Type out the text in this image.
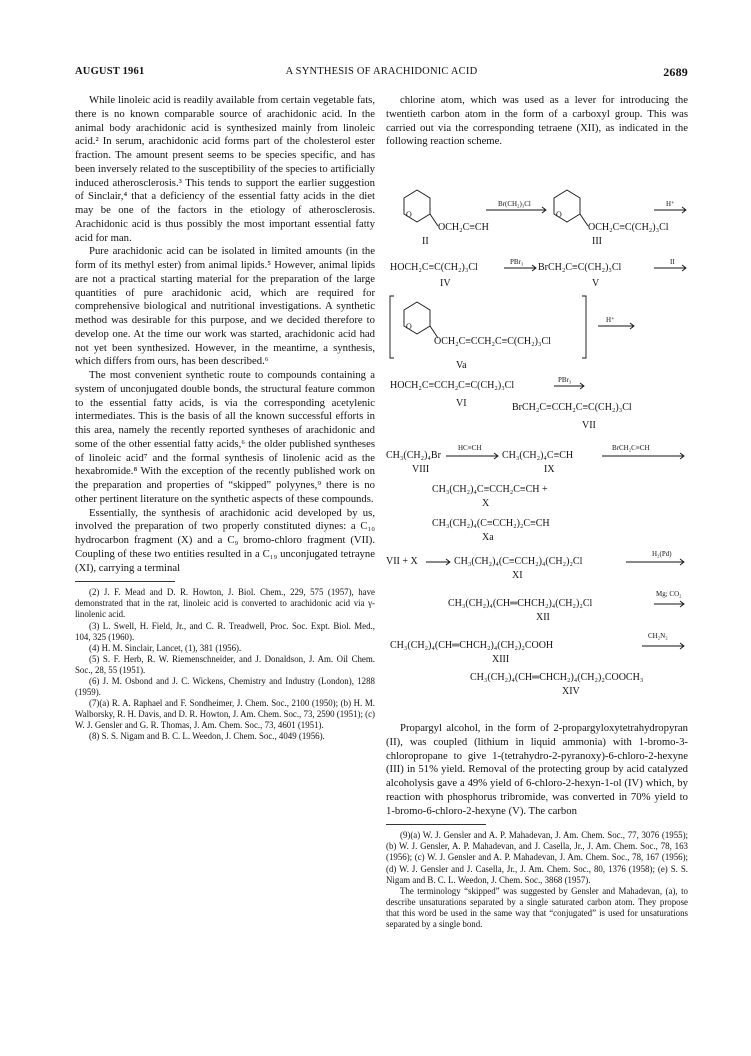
AUGUST 1961	A SYNTHESIS OF ARACHIDONIC ACID	2689

While linoleic acid is readily available from certain vegetable fats, there is no known comparable source of arachidonic acid. In the animal body arachidonic acid is synthesized mainly from linoleic acid.² In serum, arachidonic acid forms part of the cholesterol ester fraction. The amount present seems to be species specific, and has been inversely related to the susceptibility of the species to artificially induced atherosclerosis.³ This tends to support the earlier suggestion of Sinclair,⁴ that a deficiency of the essential fatty acids in the diet may be one of the factors in the etiology of atherosclerosis. Arachidonic acid is thus possibly the most important essential fatty acid for man.

Pure arachidonic acid can be isolated in limited amounts (in the form of its methyl ester) from animal lipids.⁵ However, animal lipids are not a practical starting material for the preparation of the large quantities of pure arachidonic acid, which are required for comprehensive biological and nutritional investigations. A synthetic method was desirable for this purpose, and we decided therefore to develop one. At the time our work was started, arachidonic acid had not yet been synthesized. However, in the meantime, a synthesis, which differs from ours, has been described.⁶

The most convenient synthetic route to compounds containing a system of unconjugated double bonds, the structural feature common to the essential fatty acids, is via the corresponding acetylenic intermediates. This is the basis of all the known successful efforts in this area, namely the recently reported syntheses of arachidonic and some of the other essential fatty acids,⁶ the older published syntheses of linoleic acid⁷ and the formal synthesis of linolenic acid as the hexabromide.⁸ With the exception of the recently published work on the preparation and properties of “skipped” polyynes,⁹ there is no other pertinent literature on the synthetic aspects of these compounds.

Essentially, the synthesis of arachidonic acid developed by us, involved the preparation of two properly constituted diynes: a C₁₀ hydrocarbon fragment (X) and a C₉ bromo-chloro fragment (VII). Coupling of these two entities resulted in a C₁₉ unconjugated tetrayne (XI), carrying a terminal

(2) J. F. Mead and D. R. Howton, J. Biol. Chem., 229, 575 (1957), have demonstrated that in the rat, linoleic acid is converted to arachidonic acid via γ-linolenic acid.

(3) L. Swell, H. Field, Jr., and C. R. Treadwell, Proc. Soc. Expt. Biol. Med., 104, 325 (1960).

(4) H. M. Sinclair, Lancet, (1), 381 (1956).

(5) S. F. Herb, R. W. Riemenschneider, and J. Donaldson, J. Am. Oil Chem. Soc., 28, 55 (1951).

(6) J. M. Osbond and J. C. Wickens, Chemistry and Industry (London), 1288 (1959).

(7)(a) R. A. Raphael and F. Sondheimer, J. Chem. Soc., 2100 (1950); (b) H. M. Walborsky, R. H. Davis, and D. R. Howton, J. Am. Chem. Soc., 73, 2590 (1951); (c) W. J. Gensler and G. R. Thomas, J. Am. Chem. Soc., 73, 4601 (1951).

(8) S. S. Nigam and B. C. L. Weedon, J. Chem. Soc., 4049 (1956).

chlorine atom, which was used as a lever for introducing the twentieth carbon atom in the form of a carboxyl group. This was carried out via the corresponding tetraene (XII), as indicated in the following reaction scheme.

O
Br(CH₂)₃Cl
OCH₂C≡CH
II
O
H⁺
OCH₂C≡C(CH₂)₃Cl
III
HOCH₂C≡C(CH₂)₃Cl	PBr₃ BrCH₂C≡C(CH₂)₃Cl	II
IV	V
O
OCH₂C≡CCH₂C≡C(CH₂)₃Cl
H⁺
Va
HOCH₂C≡CCH₂C≡C(CH₂)₃Cl	PBr₃
VI	BrCH₂C≡CCH₂C≡C(CH₂)₃Cl
VII
CH₃(CH₂)₄Br
HC≡CH
CH₃(CH₂)₄C≡CH
BrCH₂C≡CH
VIII	IX
CH₃(CH₂)₄C≡CCH₂C≡CH +
X
CH₃(CH₂)₄(C≡CCH₂)₂C≡CH
Xa
VII + X	CH₃(CH₂)₄(C≡CCH₂)₄(CH₂)₂Cl
H₂(Pd)
XI
CH₃(CH₂)₄(CH═CHCH₂)₄(CH₂)₂Cl
Mg; CO₂
XII
CH₃(CH₂)₄(CH═CHCH₂)₄(CH₂)₂COOH
CH₂N₂
XIII
CH₃(CH₂)₄(CH═CHCH₂)₄(CH₂)₂COOCH₃
XIV

Propargyl alcohol, in the form of 2-propargyloxytetrahydropyran (II), was coupled (lithium in liquid ammonia) with 1-bromo-3-chloropropane to give 1-(tetrahydro-2-pyranoxy)-6-chloro-2-hexyne (III) in 51% yield. Removal of the protecting group by acid catalyzed alcoholysis gave a 49% yield of 6-chloro-2-hexyn-1-ol (IV) which, by reaction with phosphorus tribromide, was converted in 70% yield to 1-bromo-6-chloro-2-hexyne (V). The carbon

(9)(a) W. J. Gensler and A. P. Mahadevan, J. Am. Chem. Soc., 77, 3076 (1955); (b) W. J. Gensler, A. P. Mahadevan, and J. Casella, Jr., J. Am. Chem. Soc., 78, 163 (1956); (c) W. J. Gensler and A. P. Mahadevan, J. Am. Chem. Soc., 78, 167 (1956); (d) W. J. Gensler and J. Casella, Jr., J. Am. Chem. Soc., 80, 1376 (1958); (e) S. S. Nigam and B. C. L. Weedon, J. Chem. Soc., 3868 (1957).

The terminology “skipped” was suggested by Gensler and Mahadevan, (a), to describe unsaturations separated by a single saturated carbon atom. They propose that this word be used in the same way that “conjugated” is used for unsaturations separated by a single bond.
